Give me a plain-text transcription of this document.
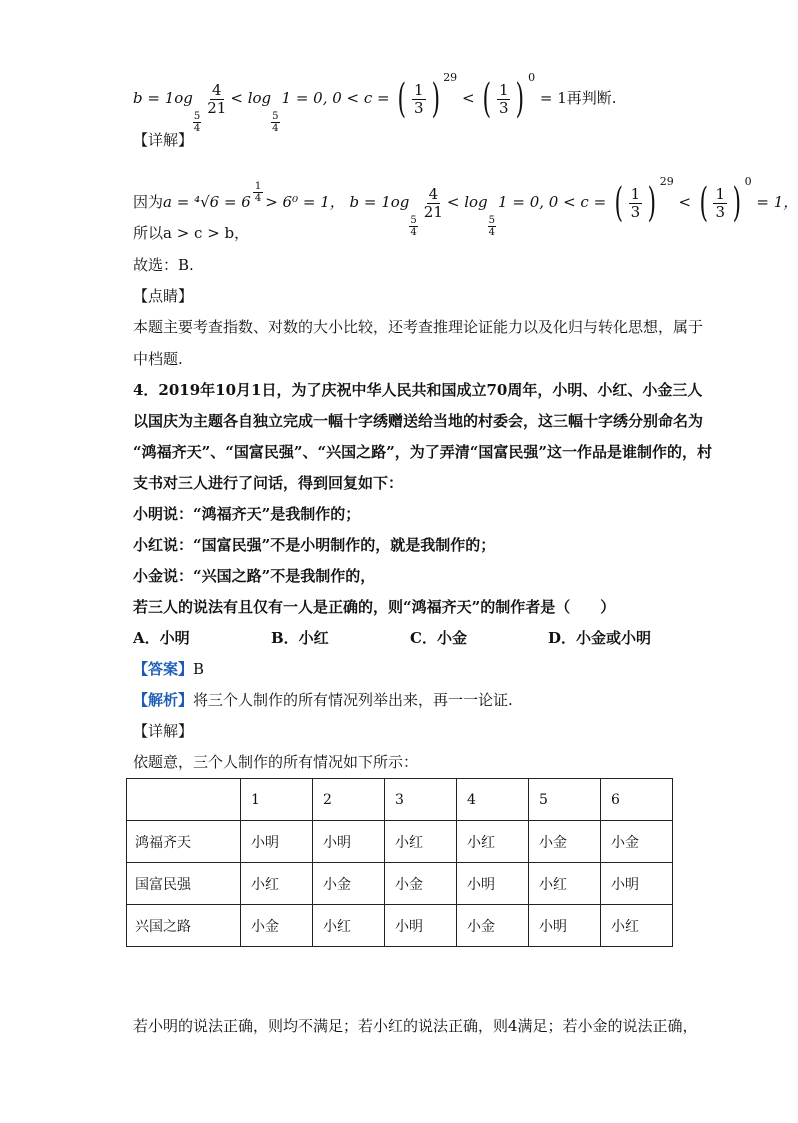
b = 1og
$\frac{5}{4}$
$\frac{4}{21} < \log$
$\frac{5}{4}$
1 = 0, 0 < c = ( $\frac{1}{3}$ ) $^{29}$ < ( $\frac{1}{3}$ ) $^0$ = 1再判断.
【详解】
因为a = ⁴√6 = 6 $^{\frac{1}{4}}$ > 6⁰ = 1， b = 1og
$\frac{5}{4}$
$\frac{4}{21} < \log$
$\frac{5}{4}$
1 = 0, 0 < c = ( $\frac{1}{3}$ ) $^{29}$ < ( $\frac{1}{3}$ ) $^0$ = 1，
所以a > c > b，
故选：B.
【点睛】
本题主要考查指数、对数的大小比较，还考查推理论证能力以及化归与转化思想，属于
中档题.
4．2019年10月1日，为了庆祝中华人民共和国成立70周年，小明、小红、小金三人
以国庆为主题各自独立完成一幅十字绣赠送给当地的村委会，这三幅十字绣分别命名为
“鸿福齐天”、“国富民强”、“兴国之路”，为了弄清“国富民强”这一作品是谁制作的，村
支书对三人进行了问话，得到回复如下：
小明说：“鸿福齐天”是我制作的；
小红说：“国富民强”不是小明制作的，就是我制作的；
小金说：“兴国之路”不是我制作的，
若三人的说法有且仅有一人是正确的，则“鸿福齐天”的制作者是（　　）
A．小明	B．小红	C．小金	D．小金或小明
【答案】B
【解析】将三个人制作的所有情况列举出来，再一一论证.
【详解】
依题意，三个人制作的所有情况如下所示：
	1	2	3	4	5	6
鸿福齐天	小明	小明	小红	小红	小金	小金
国富民强	小红	小金	小金	小明	小红	小明
兴国之路	小金	小红	小明	小金	小明	小红
若小明的说法正确，则均不满足；若小红的说法正确，则4满足；若小金的说法正确，
